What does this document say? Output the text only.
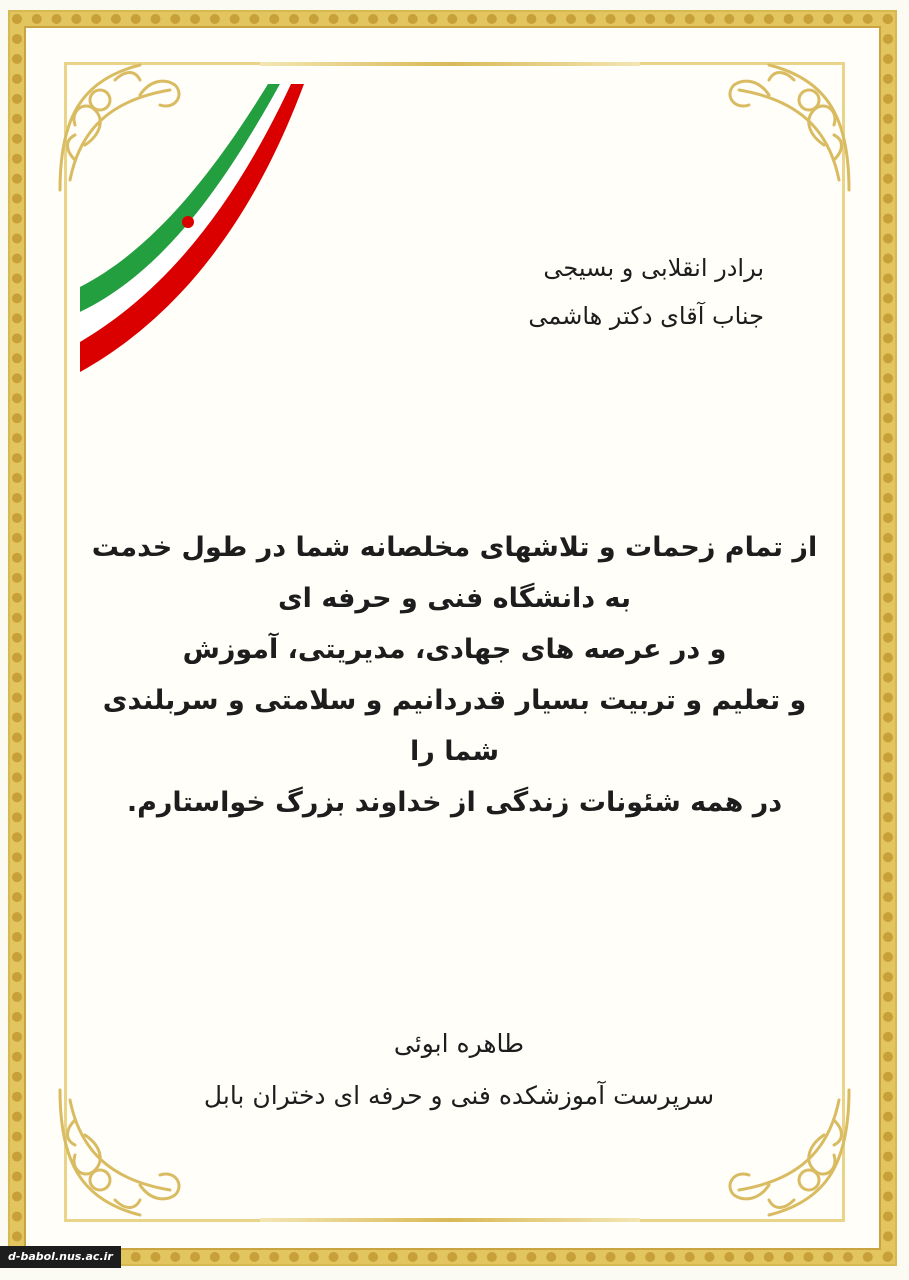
برادر انقلابی و بسیجی
جناب آقای دکتر هاشمی
از تمام زحمات و تلاشهای مخلصانه شما در طول خدمت
به دانشگاه فنی و حرفه ای
و در عرصه های جهادی، مدیریتی، آموزش
و تعلیم و تربیت بسیار قدردانیم و سلامتی و سربلندی شما را
در همه شئونات زندگی از خداوند بزرگ خواستارم.
طاهره ابوئی
سرپرست آموزشکده فنی و حرفه ای دختران بابل
d-babol.nus.ac.ir
